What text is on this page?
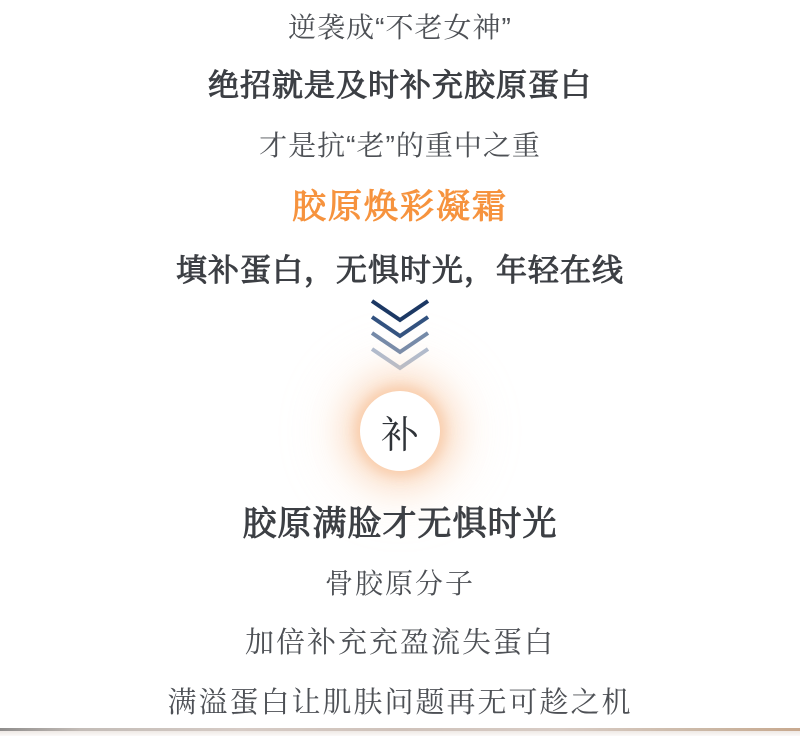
逆袭成“不老女神”

绝招就是及时补充胶原蛋白

才是抗“老”的重中之重

胶原焕彩凝霜

填补蛋白，无惧时光，年轻在线

补

胶原满脸才无惧时光

骨胶原分子

加倍补充充盈流失蛋白

满溢蛋白让肌肤问题再无可趁之机
